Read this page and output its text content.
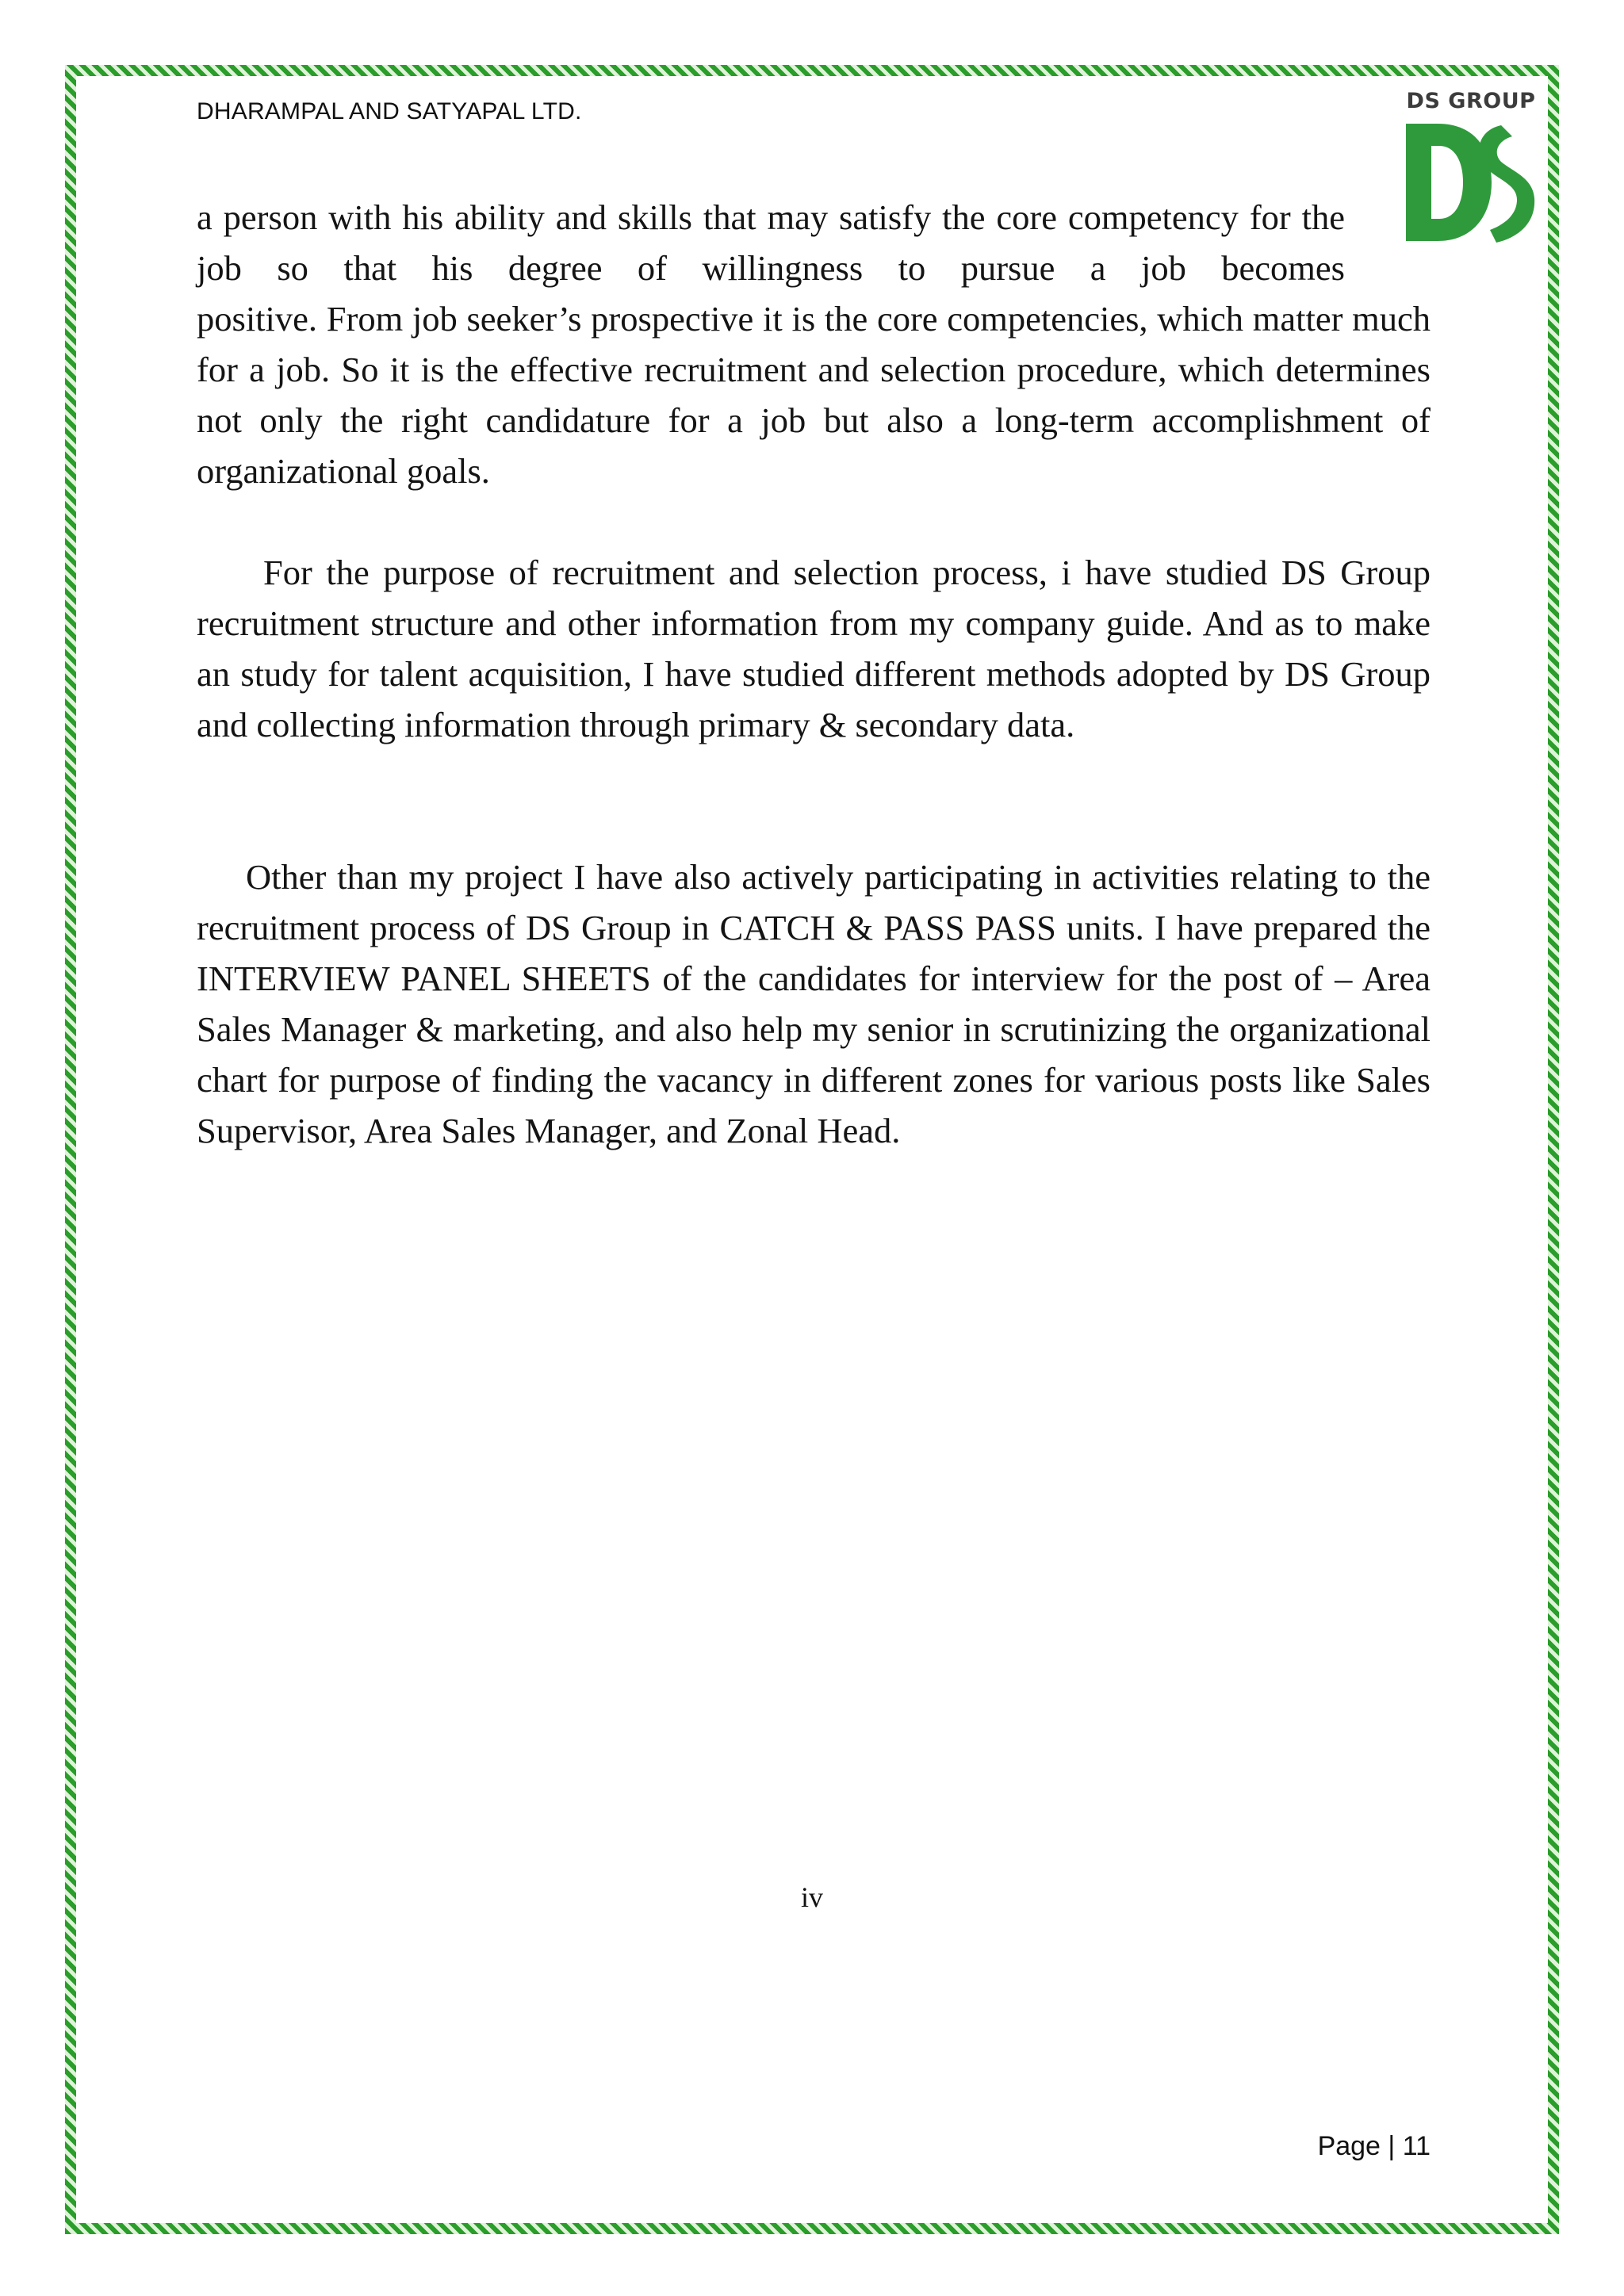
DHARAMPAL AND SATYAPAL LTD.	DS GROUP

a person with his ability and skills that may satisfy the core competency for the job so that his degree of willingness to pursue a job becomes

positive. From job seeker’s prospective it is the core competencies, which matter much for a job. So it is the effective recruitment and selection procedure, which determines not only the right candidature for a job but also a long-term accomplishment of organizational goals.

For the purpose of recruitment and selection process, i have studied DS Group recruitment structure and other information from my company guide. And as to make an study for talent acquisition, I have studied different methods adopted by DS Group and collecting information through primary & secondary data.

Other than my project I have also actively participating in activities relating to the recruitment process of DS Group in CATCH & PASS PASS units. I have prepared the INTERVIEW PANEL SHEETS of the candidates for interview for the post of – Area Sales Manager & marketing, and also help my senior in scrutinizing the organizational chart for purpose of finding the vacancy in different zones for various posts like Sales Supervisor, Area Sales Manager, and Zonal Head.

iv
Page | 11
